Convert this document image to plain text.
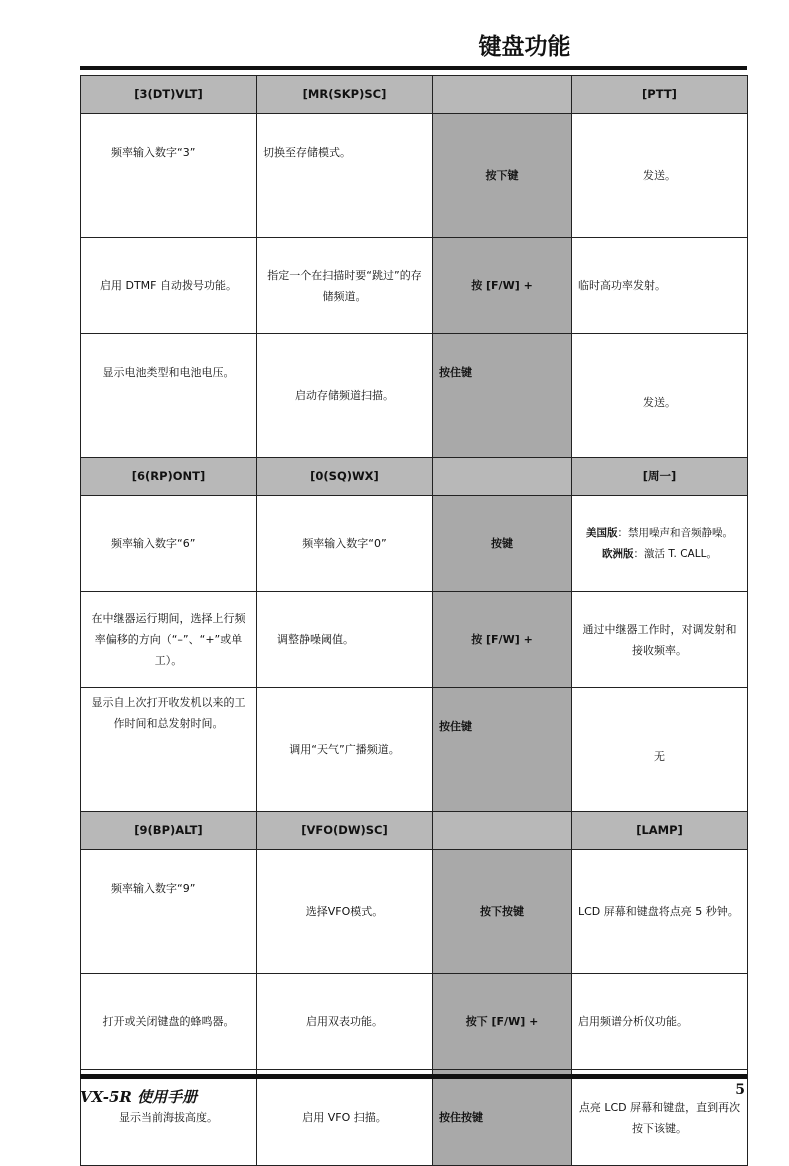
键盘功能
[3(DT)VLT]	[MR(SKP)SC]		[PTT]
频率输入数字“3”	切换至存储模式。	按下键	发送。
启用 DTMF 自动拨号功能。	指定一个在扫描时要“跳过”的存储频道。	按 [F/W] +	临时高功率发射。
显示电池类型和电池电压。	启动存储频道扫描。	按住键	发送。
[6(RP)ONT]	[0(SQ)WX]		[周一]
频率输入数字“6”	频率输入数字“0”	按键	美国版：禁用噪声和音频静噪。
欧洲版：激活 T. CALL。

在中继器运行期间，选择上行频率偏移的方向（“–”、“+”或单工）。	调整静噪阈值。	按 [F/W] +	通过中继器工作时，对调发射和接收频率。
显示自上次打开收发机以来的工作时间和总发射时间。	调用“天气”广播频道。	按住键	无
[9(BP)ALT]	[VFO(DW)SC]		[LAMP]
频率输入数字“9”	选择VFO模式。	按下按键	LCD 屏幕和键盘将点亮 5 秒钟。
打开或关闭键盘的蜂鸣器。	启用双表功能。	按下 [F/W] +	启用频谱分析仪功能。
显示当前海拔高度。	启用 VFO 扫描。	按住按键	点亮 LCD 屏幕和键盘，直到再次按下该键。
VX-5R 使用手册	5
